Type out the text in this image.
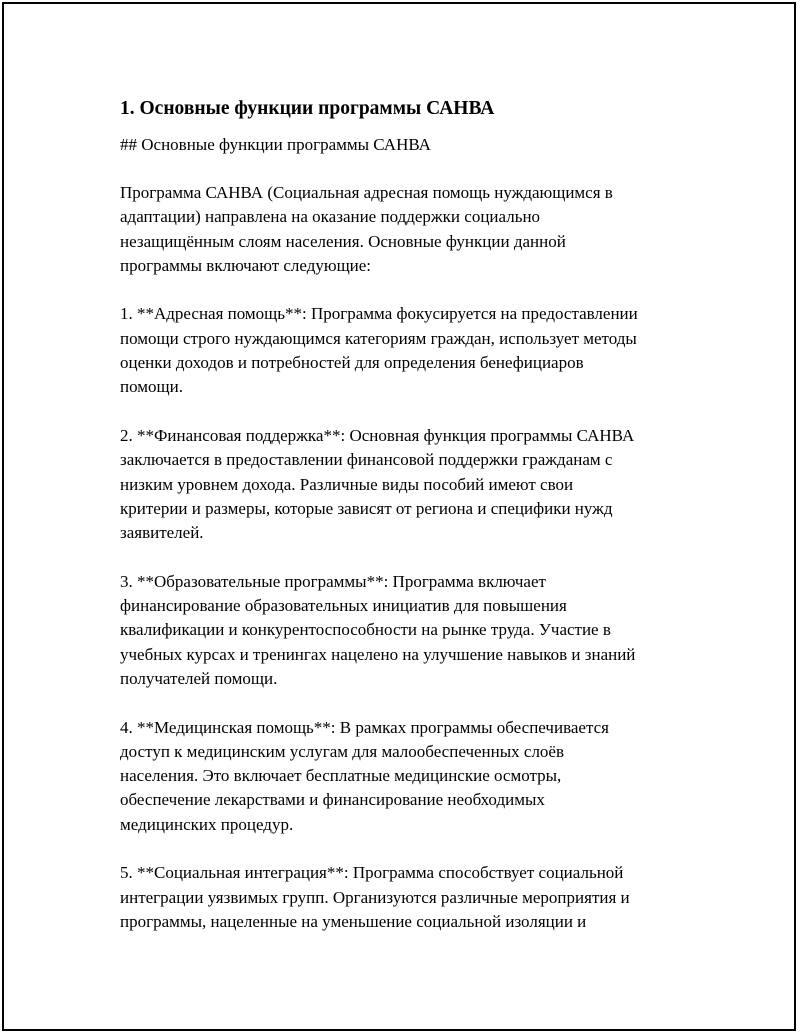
1. Основные функции программы САНВА
## Основные функции программы САНВА
Программа САНВА (Социальная адресная помощь нуждающимся в
адаптации) направлена на оказание поддержки социально
незащищённым слоям населения. Основные функции данной
программы включают следующие:
1. **Адресная помощь**: Программа фокусируется на предоставлении
помощи строго нуждающимся категориям граждан, использует методы
оценки доходов и потребностей для определения бенефициаров
помощи.
2. **Финансовая поддержка**: Основная функция программы САНВА
заключается в предоставлении финансовой поддержки гражданам с
низким уровнем дохода. Различные виды пособий имеют свои
критерии и размеры, которые зависят от региона и специфики нужд
заявителей.
3. **Образовательные программы**: Программа включает
финансирование образовательных инициатив для повышения
квалификации и конкурентоспособности на рынке труда. Участие в
учебных курсах и тренингах нацелено на улучшение навыков и знаний
получателей помощи.
4. **Медицинская помощь**: В рамках программы обеспечивается
доступ к медицинским услугам для малообеспеченных слоёв
населения. Это включает бесплатные медицинские осмотры,
обеспечение лекарствами и финансирование необходимых
медицинских процедур.
5. **Социальная интеграция**: Программа способствует социальной
интеграции уязвимых групп. Организуются различные мероприятия и
программы, нацеленные на уменьшение социальной изоляции и
